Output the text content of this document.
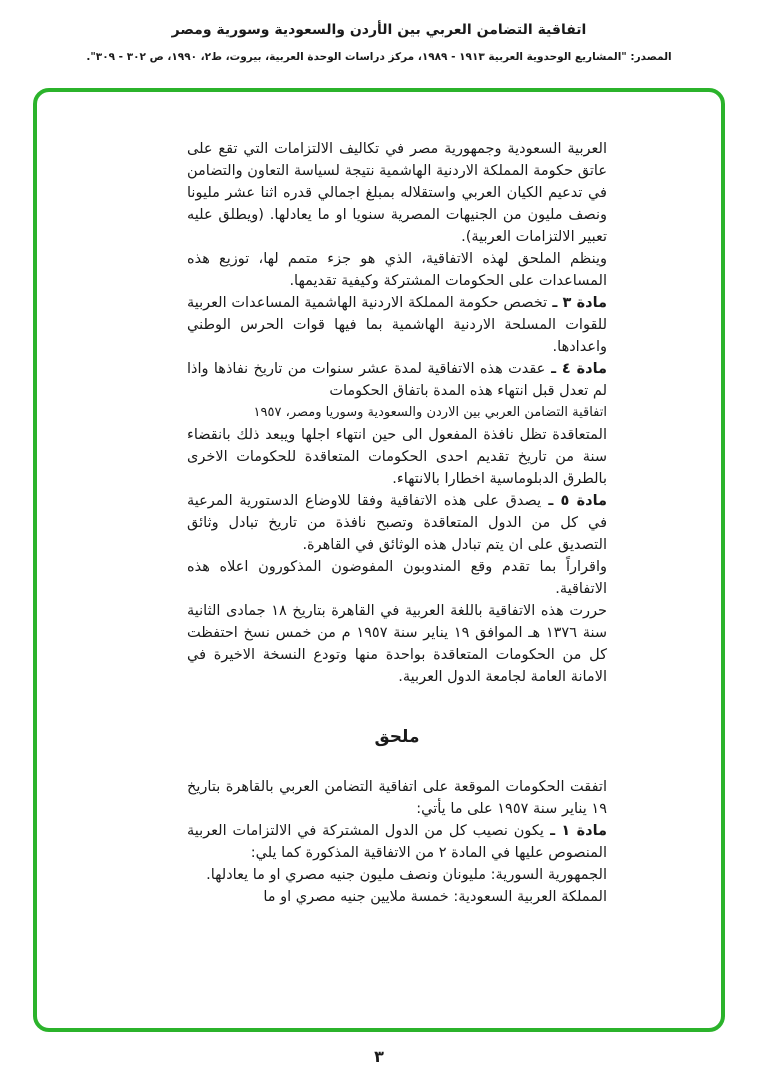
اتفاقية التضامن العربي بين الأردن والسعودية وسورية ومصر
المصدر: "المشاريع الوحدوية العربية ١٩١٣ - ١٩٨٩، مركز دراسات الوحدة العربية، بيروت، ط٢، ١٩٩٠، ص ٣٠٢ - ٣٠٩".

العربية السعودية وجمهورية مصر في تكاليف الالتزامات التي تقع على عاتق حكومة المملكة الاردنية الهاشمية نتيجة لسياسة التعاون والتضامن في تدعيم الكيان العربي واستقلاله بمبلغ اجمالي قدره اثنا عشر مليونا ونصف مليون من الجنيهات المصرية سنويا او ما يعادلها. (ويطلق عليه تعبير الالتزامات العربية).

وينظم الملحق لهذه الاتفاقية، الذي هو جزء متمم لها، توزيع هذه المساعدات على الحكومات المشتركة وكيفية تقديمها.

مادة ٣ ـ تخصص حكومة المملكة الاردنية الهاشمية المساعدات العربية للقوات المسلحة الاردنية الهاشمية بما فيها قوات الحرس الوطني واعدادها.

مادة ٤ ـ عقدت هذه الاتفاقية لمدة عشر سنوات من تاريخ نفاذها واذا لم تعدل قبل انتهاء هذه المدة باتفاق الحكومات

اتفاقية التضامن العربي بين الاردن والسعودية وسوريا ومصر، ١٩٥٧

المتعاقدة تظل نافذة المفعول الى حين انتهاء اجلها ويبعد ذلك بانقضاء سنة من تاريخ تقديم احدى الحكومات المتعاقدة للحكومات الاخرى بالطرق الدبلوماسية اخطارا بالانتهاء.

مادة ٥ ـ يصدق على هذه الاتفاقية وفقا للاوضاع الدستورية المرعية في كل من الدول المتعاقدة وتصبح نافذة من تاريخ تبادل وثائق التصديق على ان يتم تبادل هذه الوثائق في القاهرة.

واقراراً بما تقدم وقع المندوبون المفوضون المذكورون اعلاه هذه الاتفاقية.

حررت هذه الاتفاقية باللغة العربية في القاهرة بتاريخ ١٨ جمادى الثانية سنة ١٣٧٦ هـ الموافق ١٩ يناير سنة ١٩٥٧ م من خمس نسخ احتفظت كل من الحكومات المتعاقدة بواحدة منها وتودع النسخة الاخيرة في الامانة العامة لجامعة الدول العربية.

ملحق

اتفقت الحكومات الموقعة على اتفاقية التضامن العربي بالقاهرة بتاريخ ١٩ يناير سنة ١٩٥٧ على ما يأتي:

مادة ١ ـ يكون نصيب كل من الدول المشتركة في الالتزامات العربية المنصوص عليها في المادة ٢ من الاتفاقية المذكورة كما يلي:

الجمهورية السورية: مليونان ونصف مليون جنيه مصري او ما يعادلها.

المملكة العربية السعودية: خمسة ملايين جنيه مصري او ما

٣
